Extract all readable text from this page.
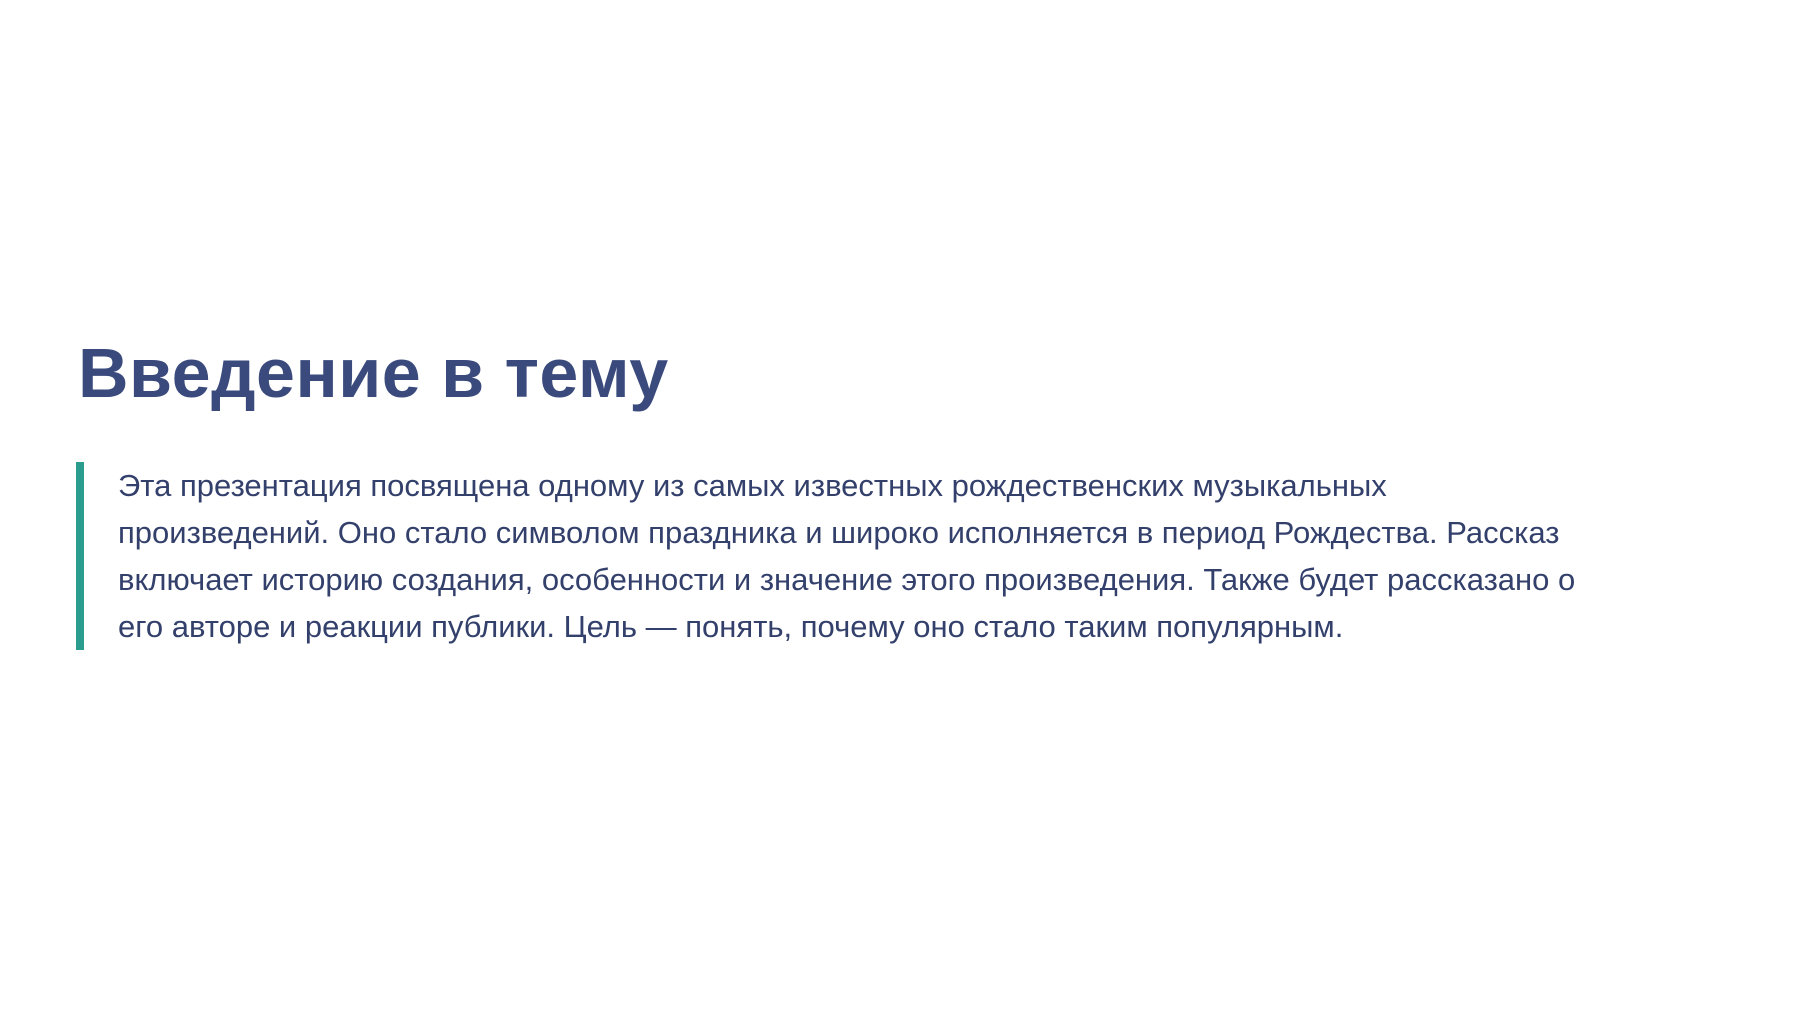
Введение в тему
Эта презентация посвящена одному из самых известных рождественских музыкальных
произведений. Оно стало символом праздника и широко исполняется в период Рождества. Рассказ
включает историю создания, особенности и значение этого произведения. Также будет рассказано о
его авторе и реакции публики. Цель — понять, почему оно стало таким популярным.
